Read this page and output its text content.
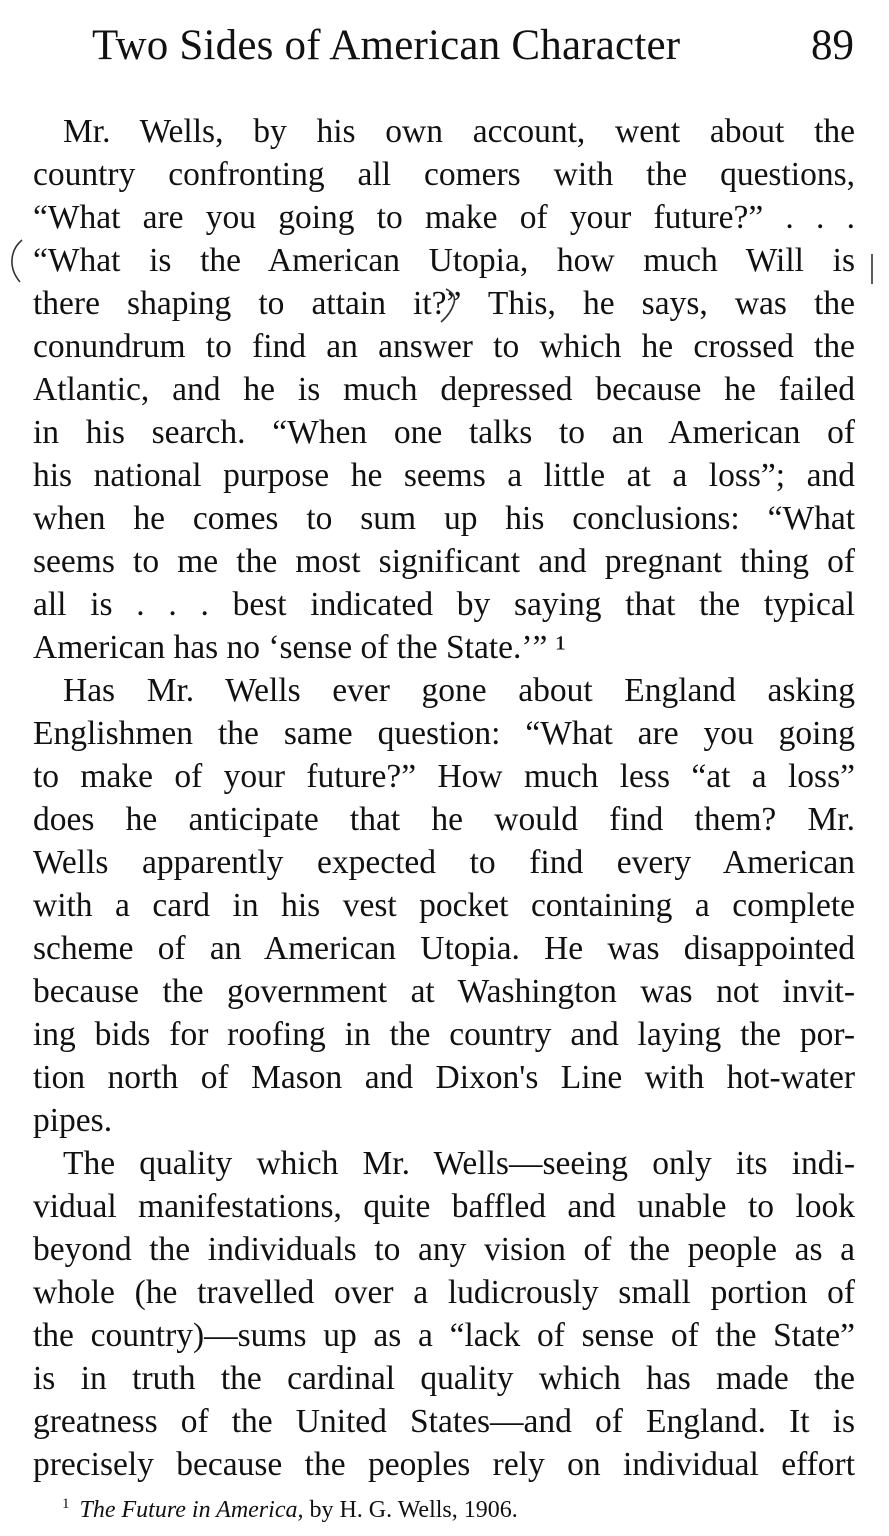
Two Sides of American Character	89
Mr. Wells, by his own account, went about the
country confronting all comers with the questions,
“What are you going to make of your future?” . . .
“What is the American Utopia, how much Will is
there shaping to attain it?” This, he says, was the
conundrum to find an answer to which he crossed the
Atlantic, and he is much depressed because he failed
in his search. “When one talks to an American of
his national purpose he seems a little at a loss”; and
when he comes to sum up his conclusions: “What
seems to me the most significant and pregnant thing of
all is . . . best indicated by saying that the typical
American has no ‘sense of the State.’” ¹
Has Mr. Wells ever gone about England asking
Englishmen the same question: “What are you going
to make of your future?” How much less “at a loss”
does he anticipate that he would find them? Mr.
Wells apparently expected to find every American
with a card in his vest pocket containing a complete
scheme of an American Utopia. He was disappointed
because the government at Washington was not invit-
ing bids for roofing in the country and laying the por-
tion north of Mason and Dixon's Line with hot-water
pipes.
The quality which Mr. Wells—seeing only its indi-
vidual manifestations, quite baffled and unable to look
beyond the individuals to any vision of the people as a
whole (he travelled over a ludicrously small portion of
the country)—sums up as a “lack of sense of the State”
is in truth the cardinal quality which has made the
greatness of the United States—and of England. It is
precisely because the peoples rely on individual effort
$^1$ The Future in America, by H. G. Wells, 1906.
